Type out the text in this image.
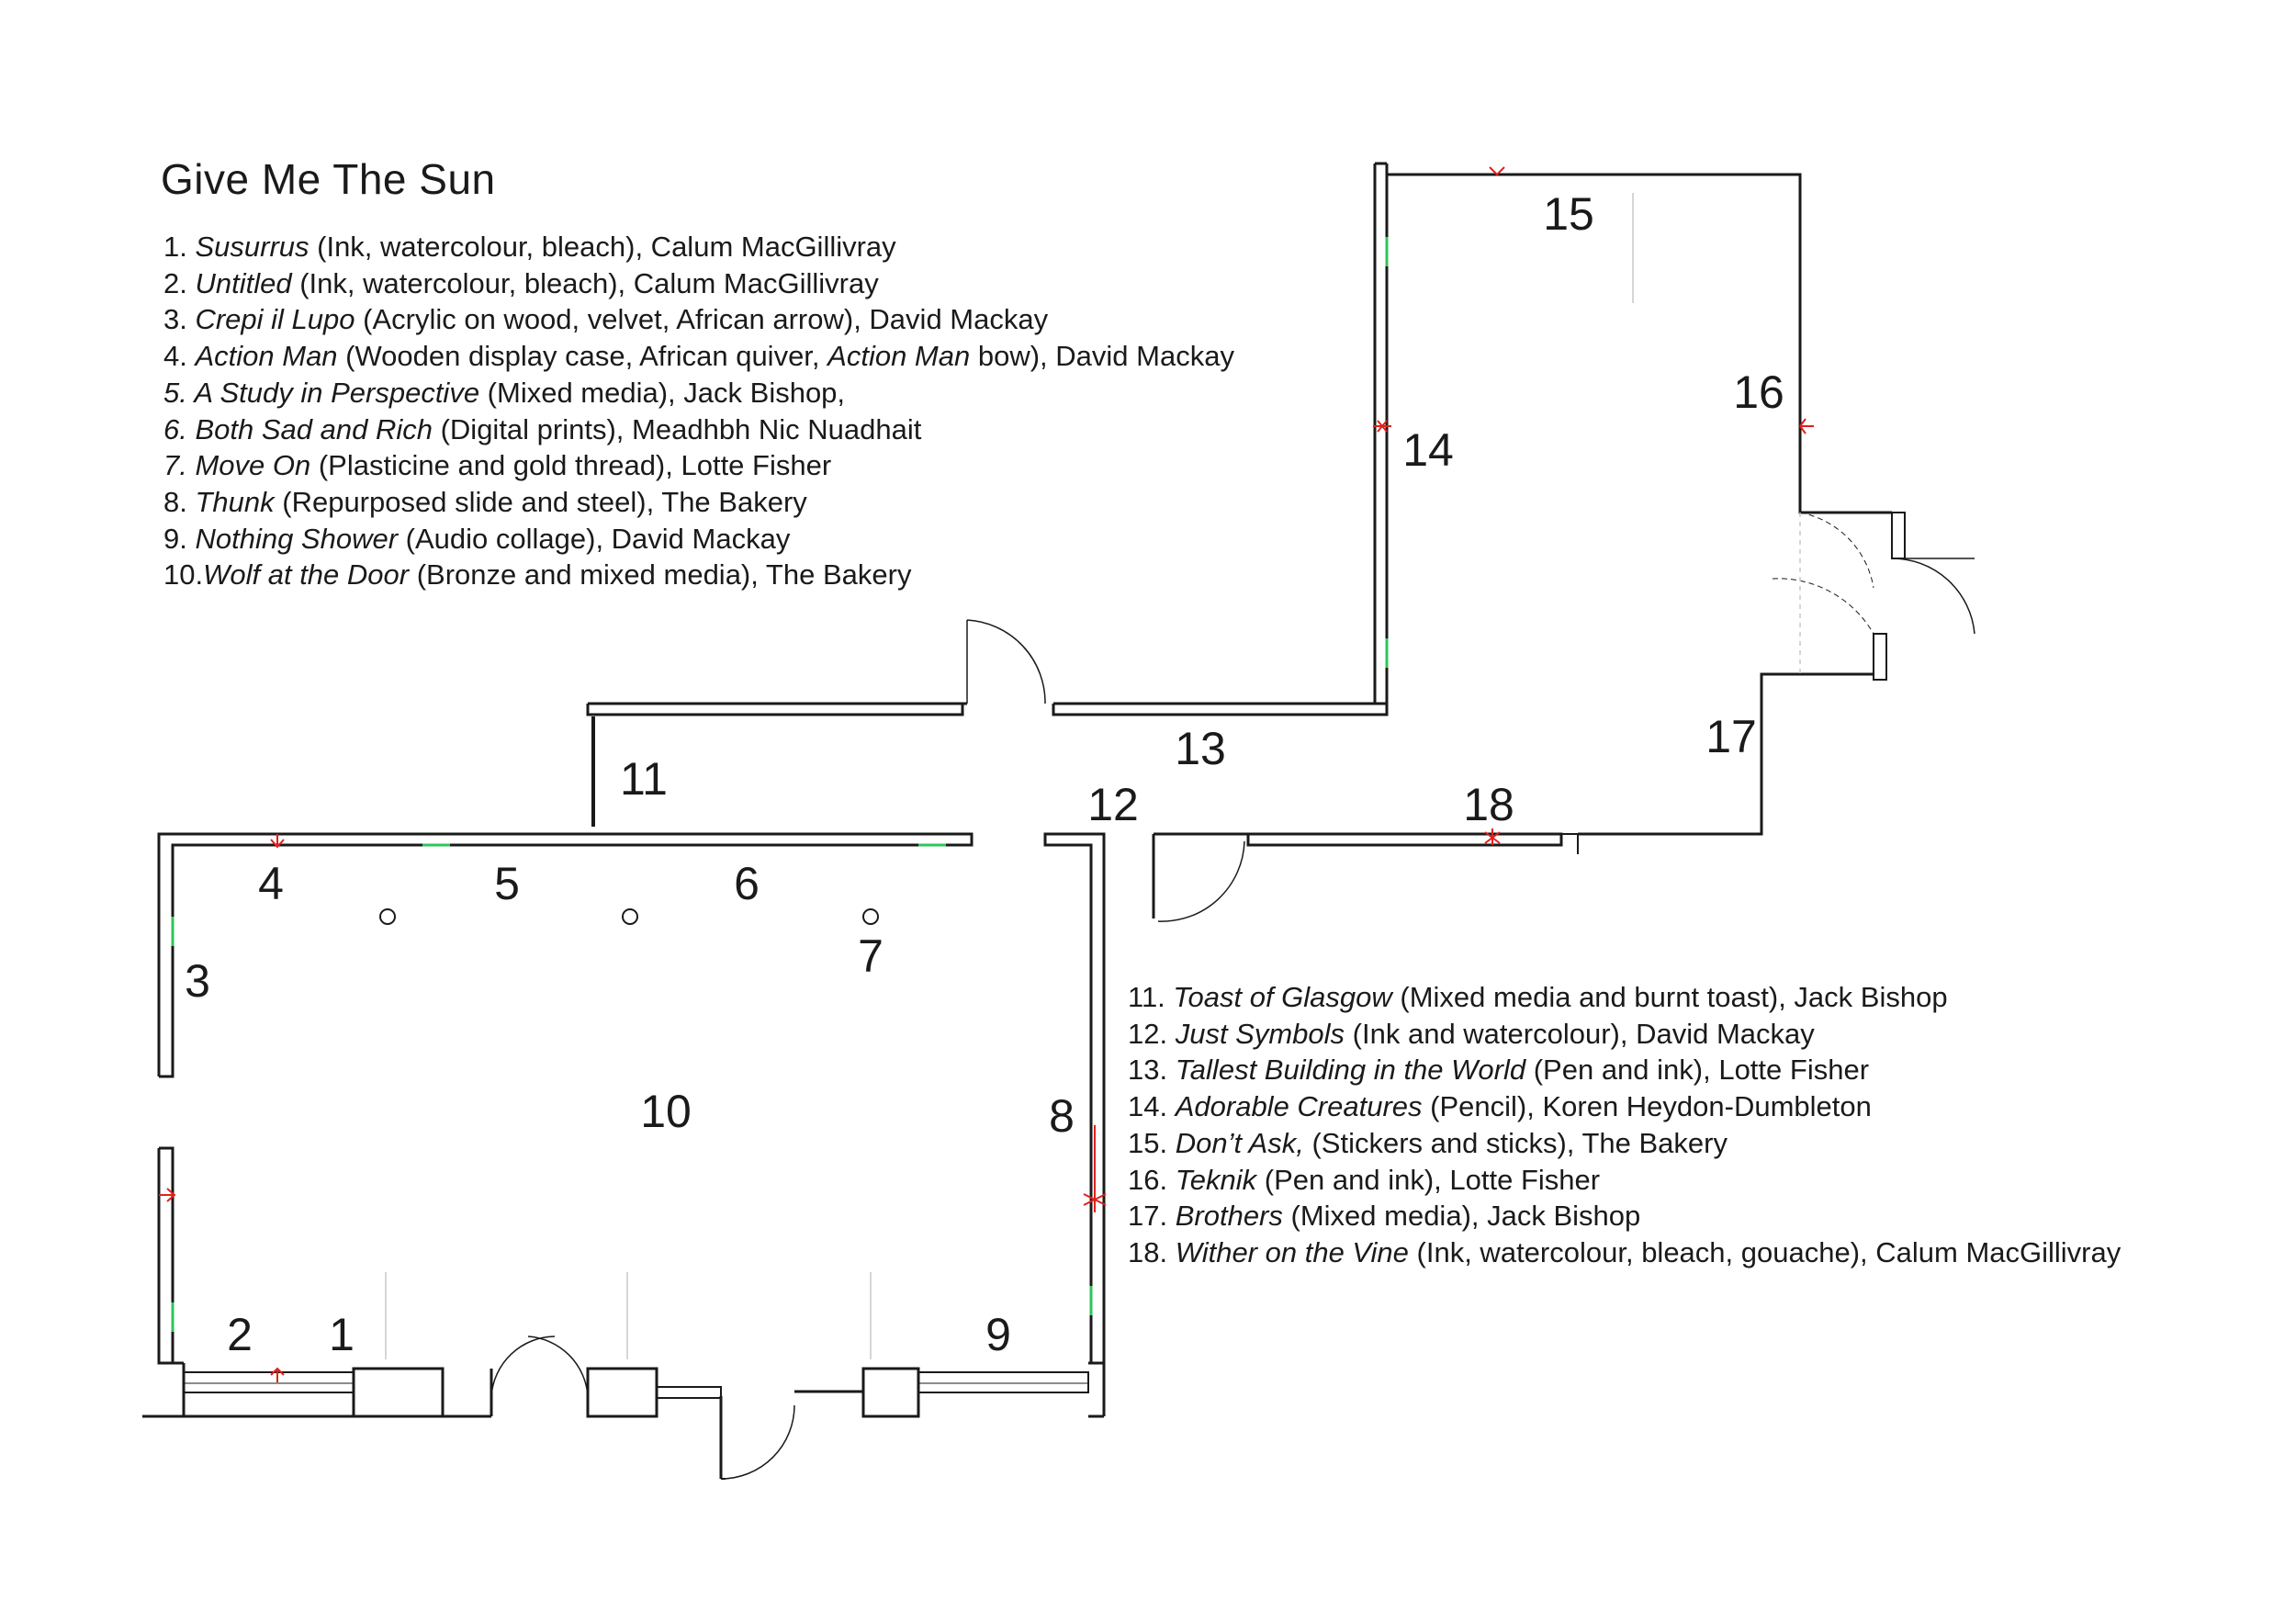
Give Me The Sun
1. Susurrus (Ink, watercolour, bleach), Calum MacGillivray
2. Untitled (Ink, watercolour, bleach), Calum MacGillivray
3. Crepi il Lupo (Acrylic on wood, velvet, African arrow), David Mackay
4. Action Man (Wooden display case, African quiver, Action Man bow), David Mackay
5. A Study in Perspective (Mixed media), Jack Bishop,
6. Both Sad and Rich (Digital prints), Meadhbh Nic Nuadhait
7. Move On (Plasticine and gold thread), Lotte Fisher
8. Thunk (Repurposed slide and steel), The Bakery
9. Nothing Shower (Audio collage), David Mackay
10.Wolf at the Door (Bronze and mixed media), The Bakery
11. Toast of Glasgow (Mixed media and burnt toast), Jack Bishop
12. Just Symbols (Ink and watercolour), David Mackay
13. Tallest Building in the World (Pen and ink), Lotte Fisher
14. Adorable Creatures (Pencil), Koren Heydon-Dumbleton
15. Don’t Ask, (Stickers and sticks), The Bakery
16. Teknik (Pen and ink), Lotte Fisher
17. Brothers (Mixed media), Jack Bishop
18. Wither on the Vine (Ink, watercolour, bleach, gouache), Calum MacGillivray
1
2
3
4	5	6
7
8
9
10
11	12
13
14
15
16
17
18
